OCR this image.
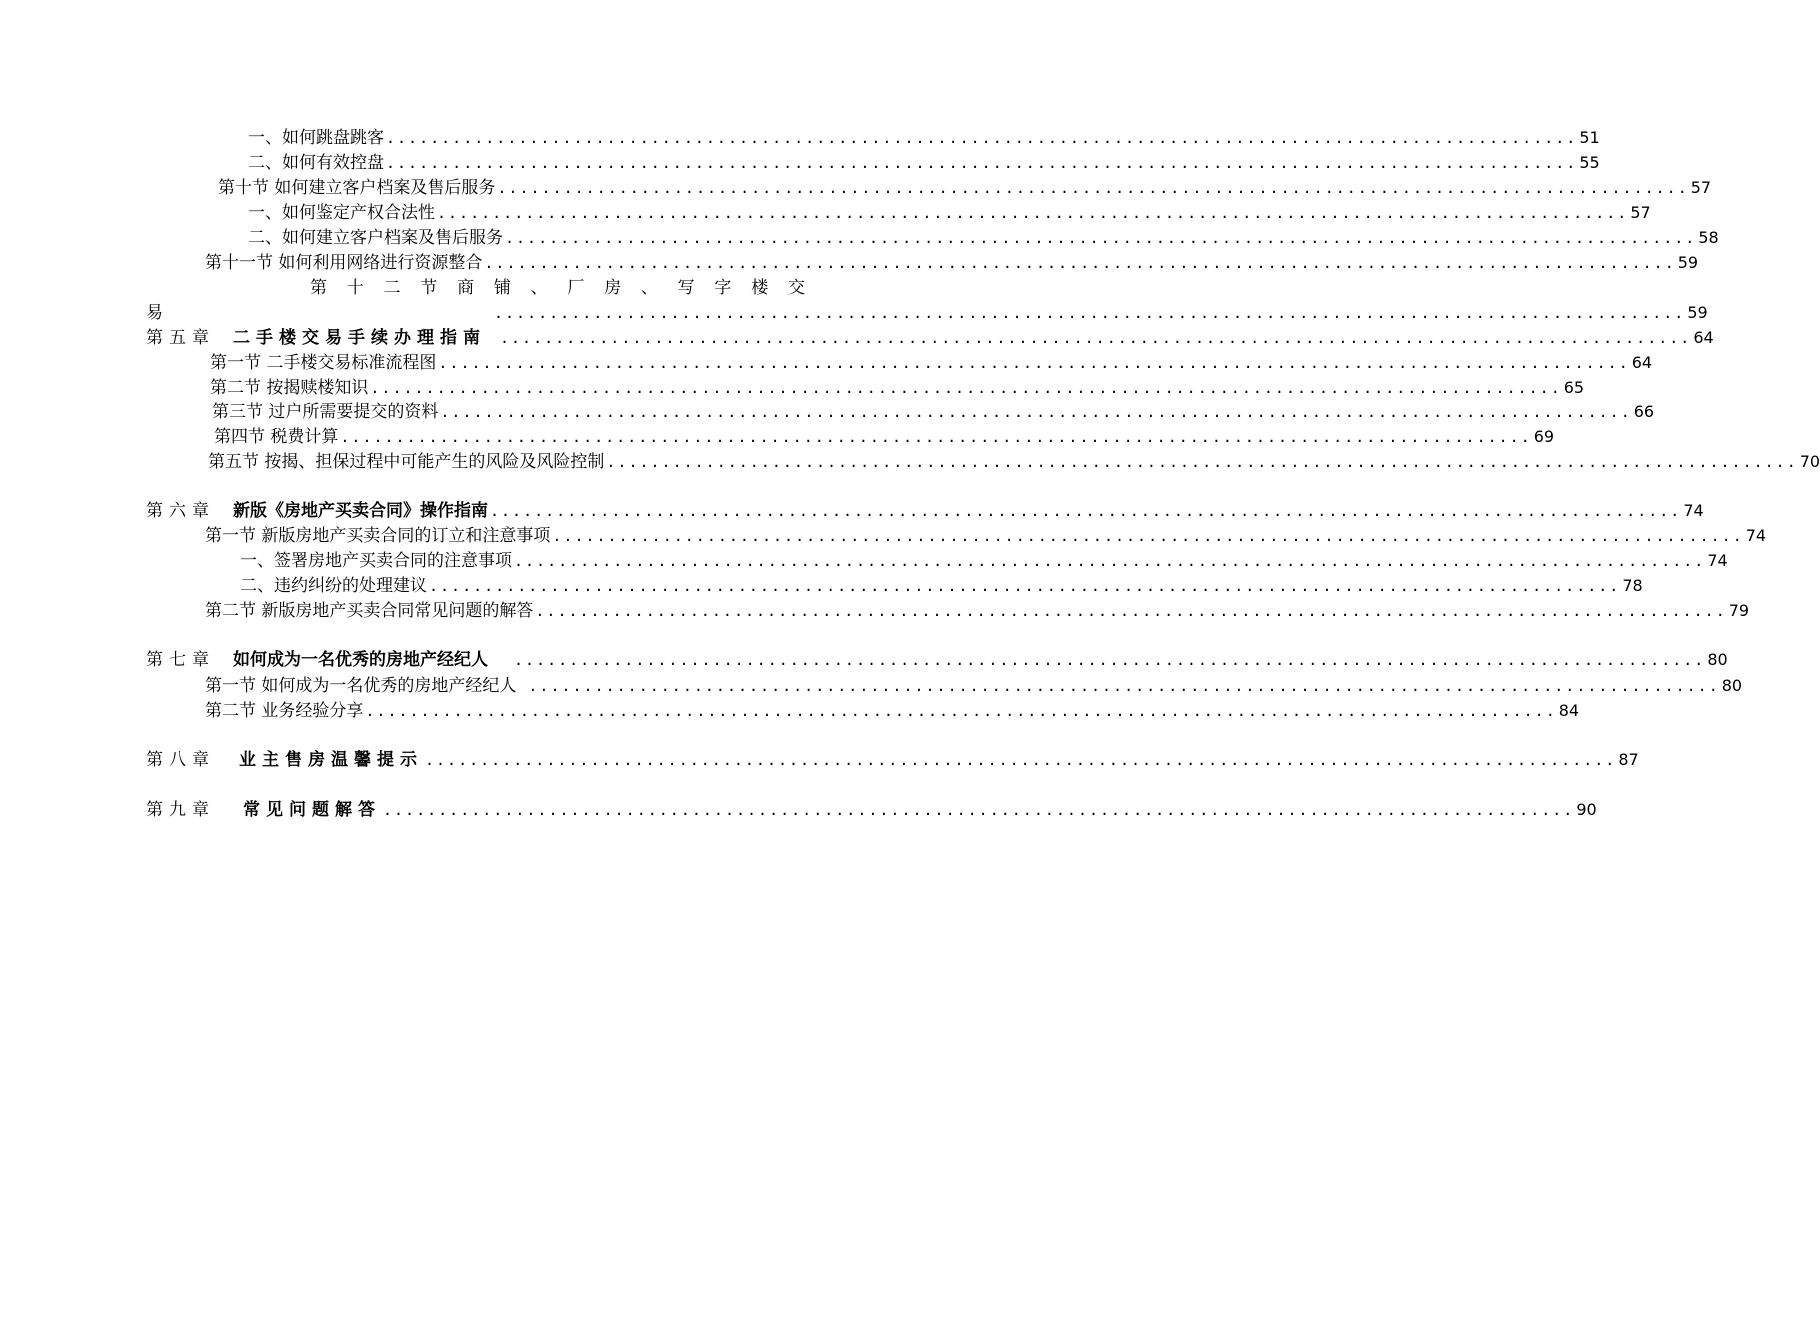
一、如何跳盘跳客 ............................................................................................................ 51
二、如何有效控盘 ............................................................................................................ 55
第十节 如何建立客户档案及售后服务 ............................................................................................................ 57
一、如何鉴定产权合法性 ............................................................................................................ 57
二、如何建立客户档案及售后服务 ............................................................................................................ 58
第十一节 如何利用网络进行资源整合 ............................................................................................................ 59
第 十 二 节 商 铺 、 厂 房 、 写 字 楼 交
易	............................................................................................................ 59
第五章 二手楼交易手续办理指南 ............................................................................................................ 64
第一节 二手楼交易标准流程图 ............................................................................................................ 64
第二节 按揭赎楼知识 ............................................................................................................ 65
第三节 过户所需要提交的资料 ............................................................................................................ 66
第四节 税费计算 ............................................................................................................ 69
第五节 按揭、担保过程中可能产生的风险及风险控制 ............................................................................................................ 70
第六章 新版《房地产买卖合同》操作指南 ............................................................................................................ 74
第一节 新版房地产买卖合同的订立和注意事项 ............................................................................................................ 74
一、签署房地产买卖合同的注意事项 ............................................................................................................ 74
二、违约纠纷的处理建议 ............................................................................................................ 78
第二节 新版房地产买卖合同常见问题的解答 ............................................................................................................ 79
第七章 如何成为一名优秀的房地产经纪人 ............................................................................................................ 80
第一节 如何成为一名优秀的房地产经纪人 ............................................................................................................ 80
第二节 业务经验分享 ............................................................................................................ 84
第八章 业主售房温馨提示 ............................................................................................................ 87
第九章 常见问题解答 ............................................................................................................ 90
